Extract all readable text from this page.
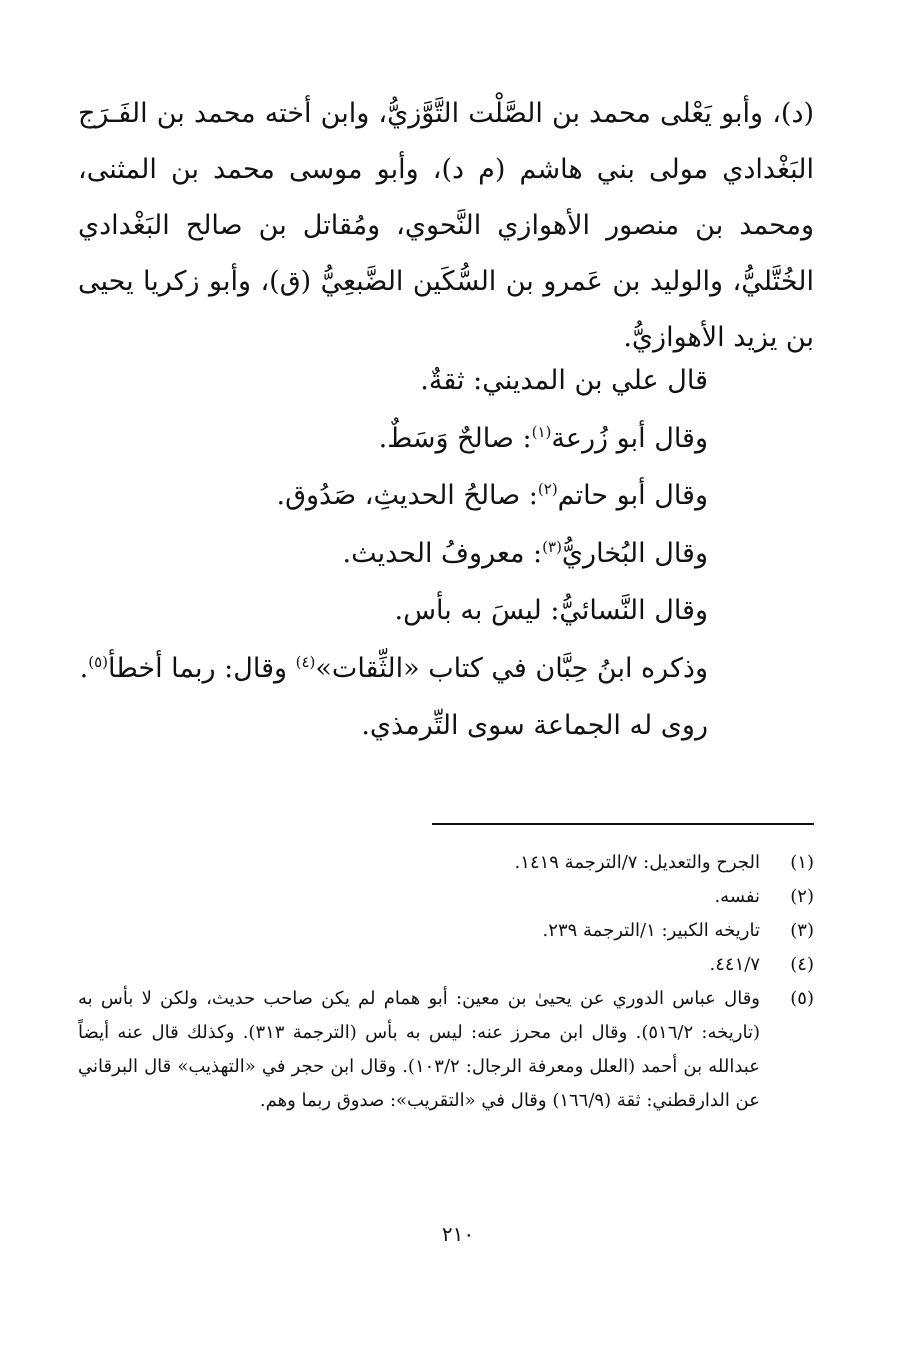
(د)، وأبو يَعْلى محمد بن الصَّلْت التَّوَّزيُّ، وابن أخته محمد بن الفَـرَج البَغْدادي مولى بني هاشم (م د)، وأبو موسى محمد بن المثنى، ومحمد بن منصور الأهوازي النَّحوي، ومُقاتل بن صالح البَغْدادي الخُتَّليُّ، والوليد بن عَمرو بن السُّكَين الضَّبعِيُّ (ق)، وأبو زكريا يحيى بن يزيد الأهوازيُّ.
قال علي بن المديني: ثقةٌ.
وقال أبو زُرعة$^{(١)}$: صالحٌ وَسَطٌ.
وقال أبو حاتم$^{(٢)}$: صالحُ الحديثِ، صَدُوق.
وقال البُخاريُّ$^{(٣)}$: معروفُ الحديث.
وقال النَّسائيُّ: ليسَ به بأس.
وذكره ابنُ حِبَّان في كتاب «الثِّقات»$^{(٤)}$ وقال: ربما أخطأ$^{(٥)}$.
روى له الجماعة سوى التِّرمذي.
(١)
الجرح والتعديل: ٧/الترجمة ١٤١٩.
(٢)
نفسه.
(٣)
تاريخه الكبير: ١/الترجمة ٢٣٩.
(٤)
٤٤١/٧.
(٥)
وقال عباس الدوري عن يحيىٰ بن معين: أبو همام لم يكن صاحب حديث، ولكن لا بأس به (تاريخه: ٥١٦/٢). وقال ابن محرز عنه: ليس به بأس (الترجمة ٣١٣). وكذلك قال عنه أيضاً عبدالله بن أحمد (العلل ومعرفة الرجال: ١٠٣/٢). وقال ابن حجر في «التهذيب» قال البرقاني عن الدارقطني: ثقة (١٦٦/٩) وقال في «التقريب»: صدوق ربما وهم.
٢١٠
